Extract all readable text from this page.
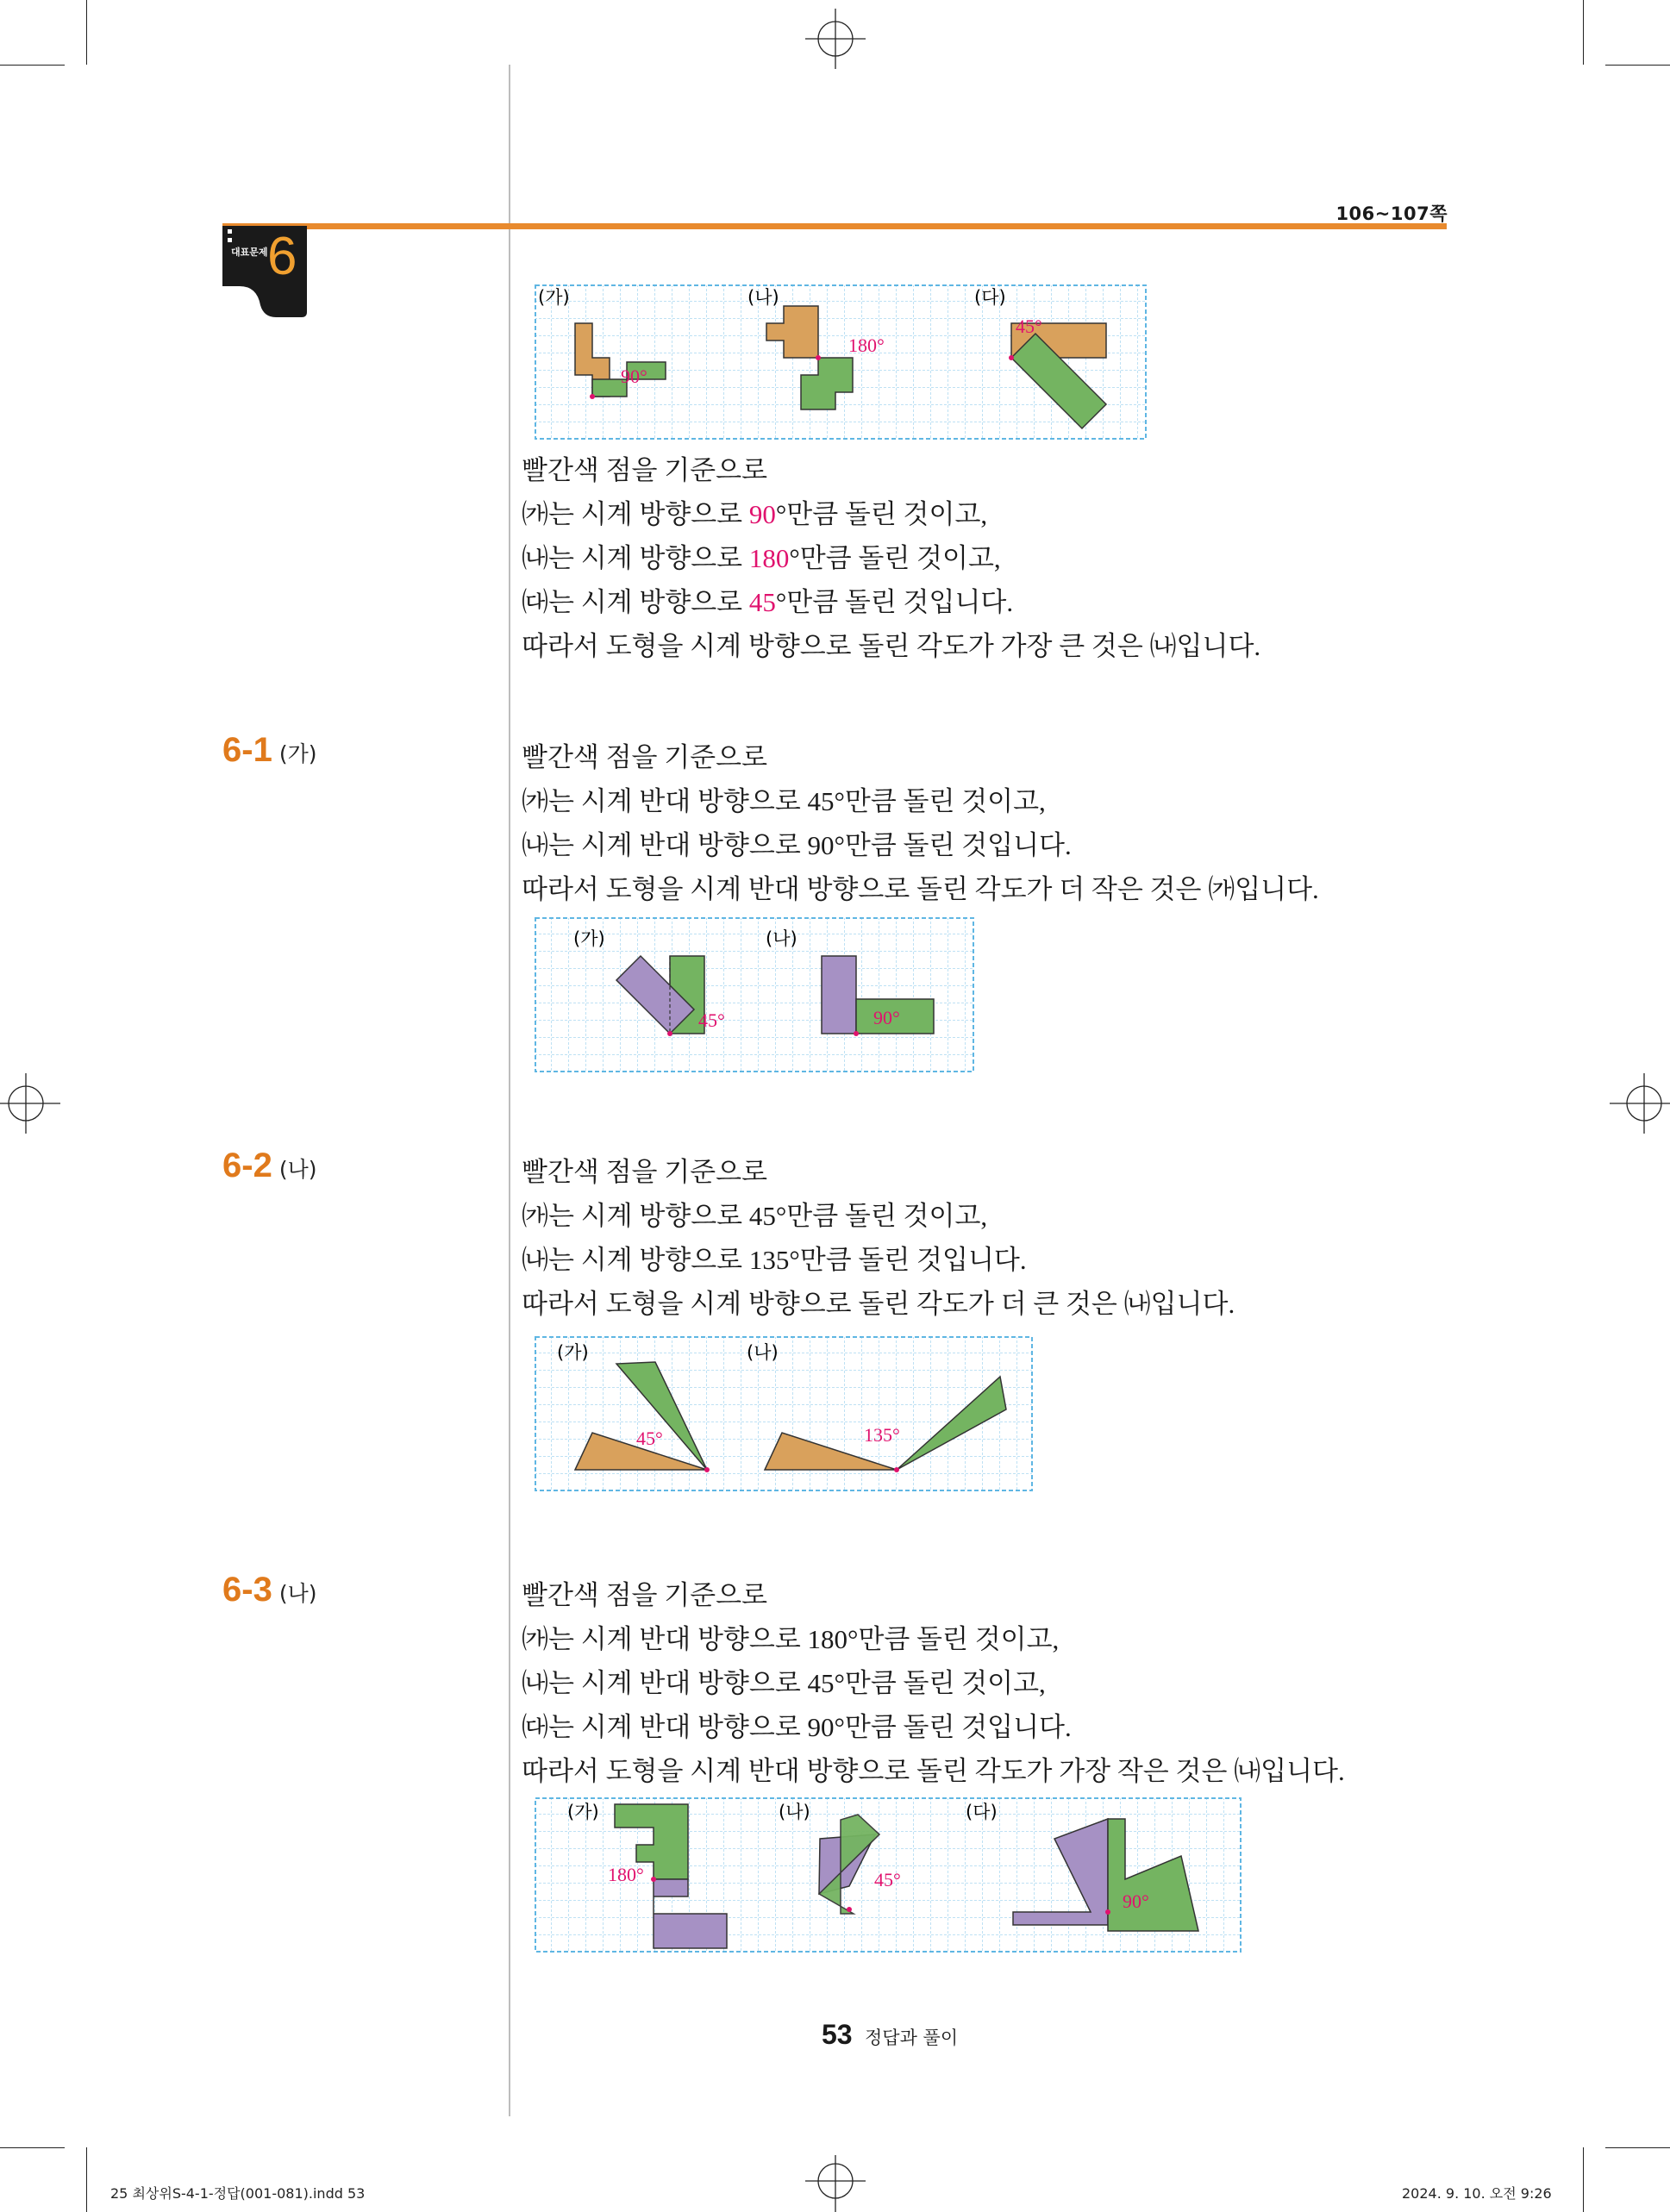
106~107쪽
대표문제 6
(가)	(나)	(다)
90°
180°
45°

빨간색 점을 기준으로

㈎는 시계 방향으로 90°만큼 돌린 것이고,

㈏는 시계 방향으로 180°만큼 돌린 것이고,

㈐는 시계 방향으로 45°만큼 돌린 것입니다.

따라서 도형을 시계 방향으로 돌린 각도가 가장 큰 것은 ㈏입니다.

6-1 (가)	빨간색 점을 기준으로

㈎는 시계 반대 방향으로 45°만큼 돌린 것이고,

㈏는 시계 반대 방향으로 90°만큼 돌린 것입니다.

따라서 도형을 시계 반대 방향으로 돌린 각도가 더 작은 것은 ㈎입니다.

(가)	(나)
45°	90°
6-2 (나)	빨간색 점을 기준으로

㈎는 시계 방향으로 45°만큼 돌린 것이고,

㈏는 시계 방향으로 135°만큼 돌린 것입니다.

따라서 도형을 시계 방향으로 돌린 각도가 더 큰 것은 ㈏입니다.

(가)	(나)
45°	135°
6-3 (나)	빨간색 점을 기준으로

㈎는 시계 반대 방향으로 180°만큼 돌린 것이고,

㈏는 시계 반대 방향으로 45°만큼 돌린 것이고,

㈐는 시계 반대 방향으로 90°만큼 돌린 것입니다.

따라서 도형을 시계 반대 방향으로 돌린 각도가 가장 작은 것은 ㈏입니다.

(가)	(나)	(다)
180°	45°
90°
53 정답과 풀이
25 최상위S-4-1-정답(001-081).indd 53	2024. 9. 10. 오전 9:26
